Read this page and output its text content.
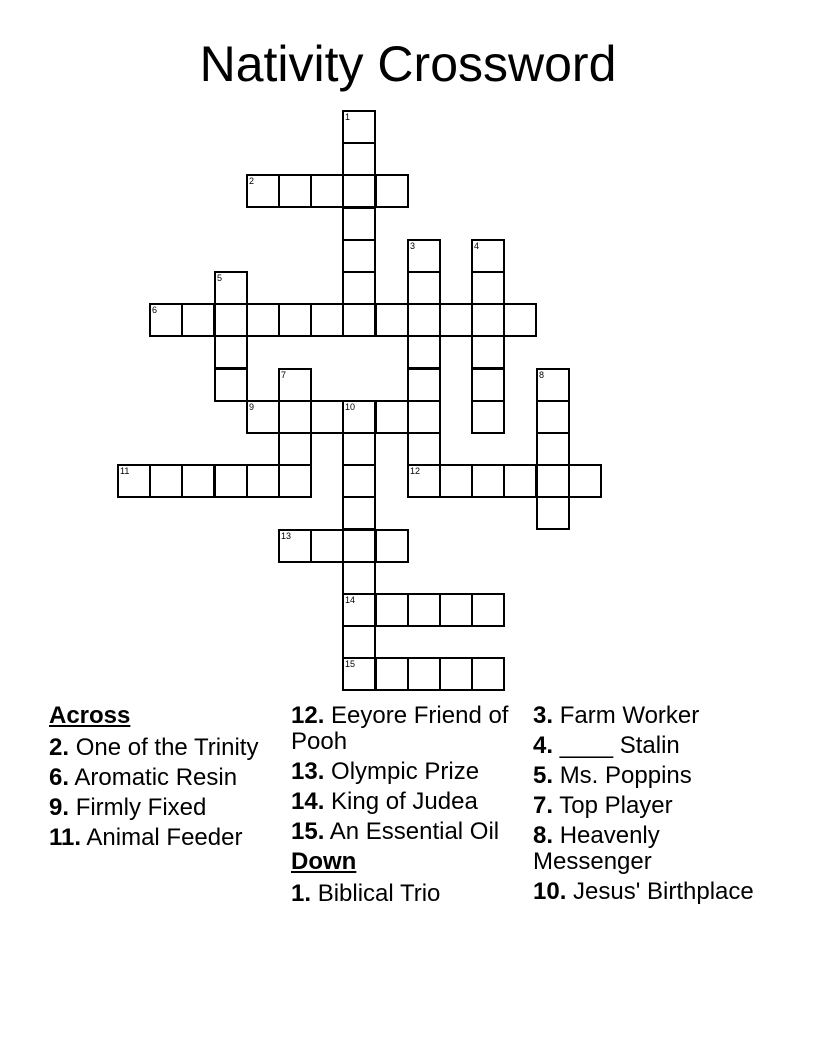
Nativity Crossword
1
2
3	4
5
6
7	8
9	10
14
15
11	12
13
Across
2. One of the Trinity
6. Aromatic Resin
9. Firmly Fixed
11. Animal Feeder
12. Eeyore Friend of Pooh
13. Olympic Prize
14. King of Judea
15. An Essential Oil
Down
1. Biblical Trio
3. Farm Worker
4. ____ Stalin
5. Ms. Poppins
7. Top Player
8. Heavenly Messenger
10. Jesus' Birthplace
